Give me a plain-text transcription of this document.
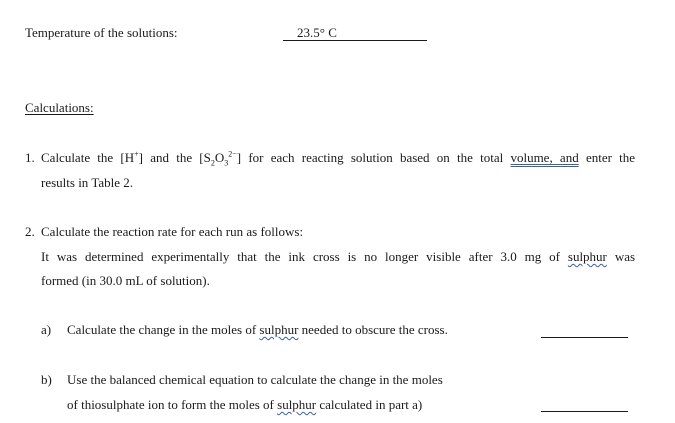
Temperature of the solutions:	23.5° C
Calculations:
1. Calculate the [H+] and the $[S_2O_3^{2-}]$ for each reacting solution based on the total volume, and enter the
results in Table 2.
2. Calculate the reaction rate for each run as follows:
It was determined experimentally that the ink cross is no longer visible after 3.0 mg of sulphur was
formed (in 30.0 mL of solution).
a) Calculate the change in the moles of sulphur needed to obscure the cross.
b) Use the balanced chemical equation to calculate the change in the moles
of thiosulphate ion to form the moles of sulphur calculated in part a)
